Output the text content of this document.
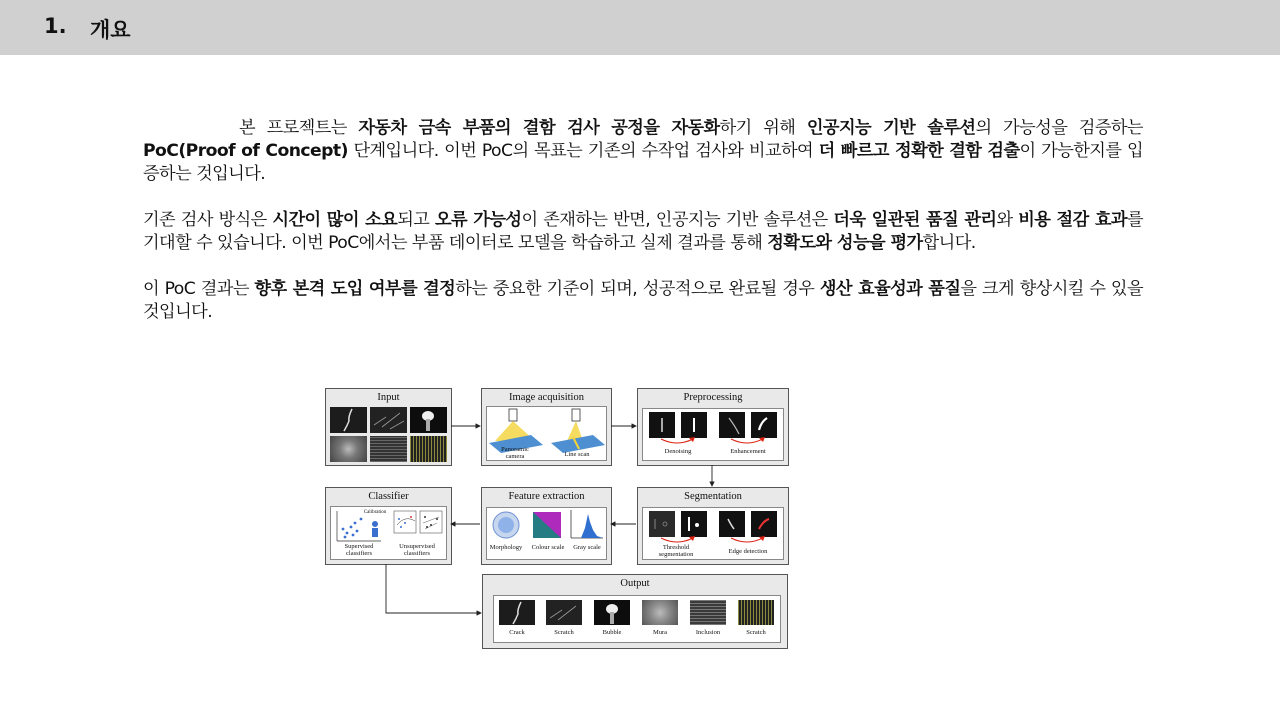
1. 개요

본 프로젝트는 자동차 금속 부품의 결함 검사 공정을 자동화하기 위해 인공지능 기반 솔루션의 가능성을 검증하는 PoC(Proof of Concept) 단계입니다. 이번 PoC의 목표는 기존의 수작업 검사와 비교하여 더 빠르고 정확한 결함 검출이 가능한지를 입증하는 것입니다.

기존 검사 방식은 시간이 많이 소요되고 오류 가능성이 존재하는 반면, 인공지능 기반 솔루션은 더욱 일관된 품질 관리와 비용 절감 효과를 기대할 수 있습니다. 이번 PoC에서는 부품 데이터로 모델을 학습하고 실제 결과를 통해 정확도와 성능을 평가합니다.

이 PoC 결과는 향후 본격 도입 여부를 결정하는 중요한 기준이 되며, 성공적으로 완료될 경우 생산 효율성과 품질을 크게 향상시킬 수 있을 것입니다.

Input	Image acquisition
Panoramic camera	Line scan
Preprocessing
Denoising	Enhancement
Segmentation
Threshold segmentation	Edge detection
Feature extraction
Morphology	Colour scale	Gray scale
Classifier
Calibration
Supervised classifiers
Unsupervised classifiers
Output
Crack	Scratch	Bubble	Mura	Inclusion	Scratch
